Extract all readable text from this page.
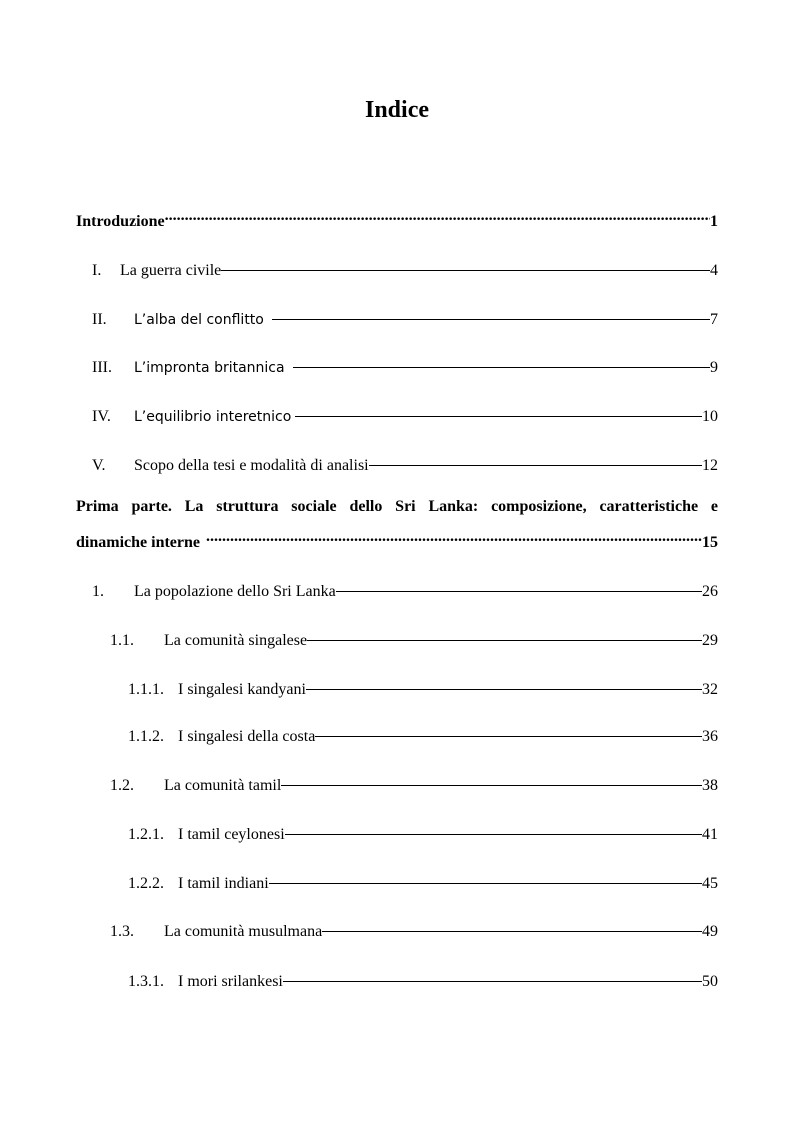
Indice
Introduzione .....	1
I.	La guerra civile	4
II.	L’alba del conflitto	7
III.	L’impronta britannica	9
IV.	L’equilibrio interetnico	10
V.	Scopo della tesi e modalità di analisi	12
Prima parte. La struttura sociale dello Sri Lanka: composizione, caratteristiche e
dinamiche interne .....	15
1.	La popolazione dello Sri Lanka	26
1.1.	La comunità singalese	29
1.1.1. I singalesi kandyani	32
1.1.2. I singalesi della costa	36
1.2.	La comunità tamil	38
1.2.1. I tamil ceylonesi	41
1.2.2. I tamil indiani	45
1.3.	La comunità musulmana	49
1.3.1. I mori srilankesi	50
